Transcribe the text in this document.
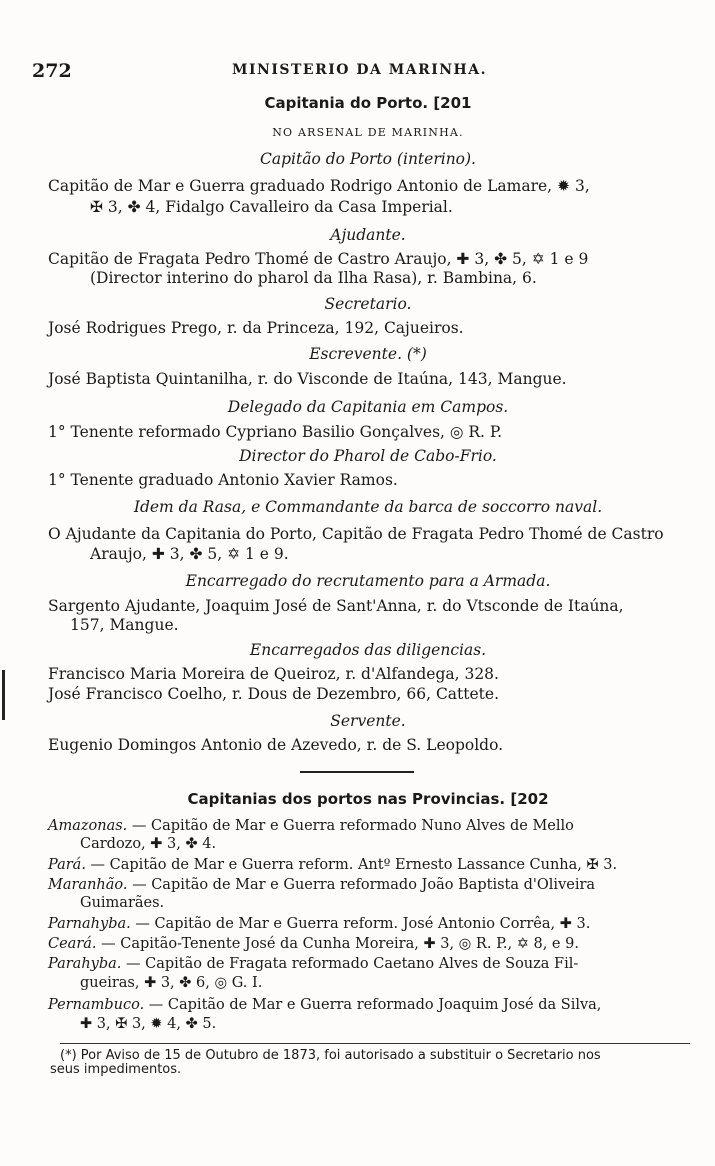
272	MINISTERIO DA MARINHA.
Capitania do Porto. [201
NO ARSENAL DE MARINHA.
Capitão do Porto (interino).
Capitão de Mar e Guerra graduado Rodrigo Antonio de Lamare, ✹ 3,
✠ 3, ✤ 4, Fidalgo Cavalleiro da Casa Imperial.
Ajudante.
Capitão de Fragata Pedro Thomé de Castro Araujo, ✚ 3, ✤ 5, ✡ 1 e 9
(Director interino do pharol da Ilha Rasa), r. Bambina, 6.
Secretario.
José Rodrigues Prego, r. da Princeza, 192, Cajueiros.
Escrevente. (*)
José Baptista Quintanilha, r. do Visconde de Itaúna, 143, Mangue.
Delegado da Capitania em Campos.
1° Tenente reformado Cypriano Basilio Gonçalves, ◎ R. P.
Director do Pharol de Cabo-Frio.
1° Tenente graduado Antonio Xavier Ramos.
Idem da Rasa, e Commandante da barca de soccorro naval.
O Ajudante da Capitania do Porto, Capitão de Fragata Pedro Thomé de Castro
Araujo, ✚ 3, ✤ 5, ✡ 1 e 9.
Encarregado do recrutamento para a Armada.
Sargento Ajudante, Joaquim José de Sant'Anna, r. do Vtsconde de Itaúna,
157, Mangue.
Encarregados das diligencias.
Francisco Maria Moreira de Queiroz, r. d'Alfandega, 328.
José Francisco Coelho, r. Dous de Dezembro, 66, Cattete.
Servente.
Eugenio Domingos Antonio de Azevedo, r. de S. Leopoldo.
Capitanias dos portos nas Provincias. [202
Amazonas. — Capitão de Mar e Guerra reformado Nuno Alves de Mello
Cardozo, ✚ 3, ✤ 4.
Pará. — Capitão de Mar e Guerra reform. Antº Ernesto Lassance Cunha, ✠ 3.
Maranhão. — Capitão de Mar e Guerra reformado João Baptista d'Oliveira
Guimarães.
Parnahyba. — Capitão de Mar e Guerra reform. José Antonio Corrêa, ✚ 3.
Ceará. — Capitão-Tenente José da Cunha Moreira, ✚ 3, ◎ R. P., ✡ 8, e 9.
Parahyba. — Capitão de Fragata reformado Caetano Alves de Souza Fil-
gueiras, ✚ 3, ✤ 6, ◎ G. I.
Pernambuco. — Capitão de Mar e Guerra reformado Joaquim José da Silva,
✚ 3, ✠ 3, ✹ 4, ✤ 5.
(*) Por Aviso de 15 de Outubro de 1873, foi autorisado a substituir o Secretario nos
seus impedimentos.
